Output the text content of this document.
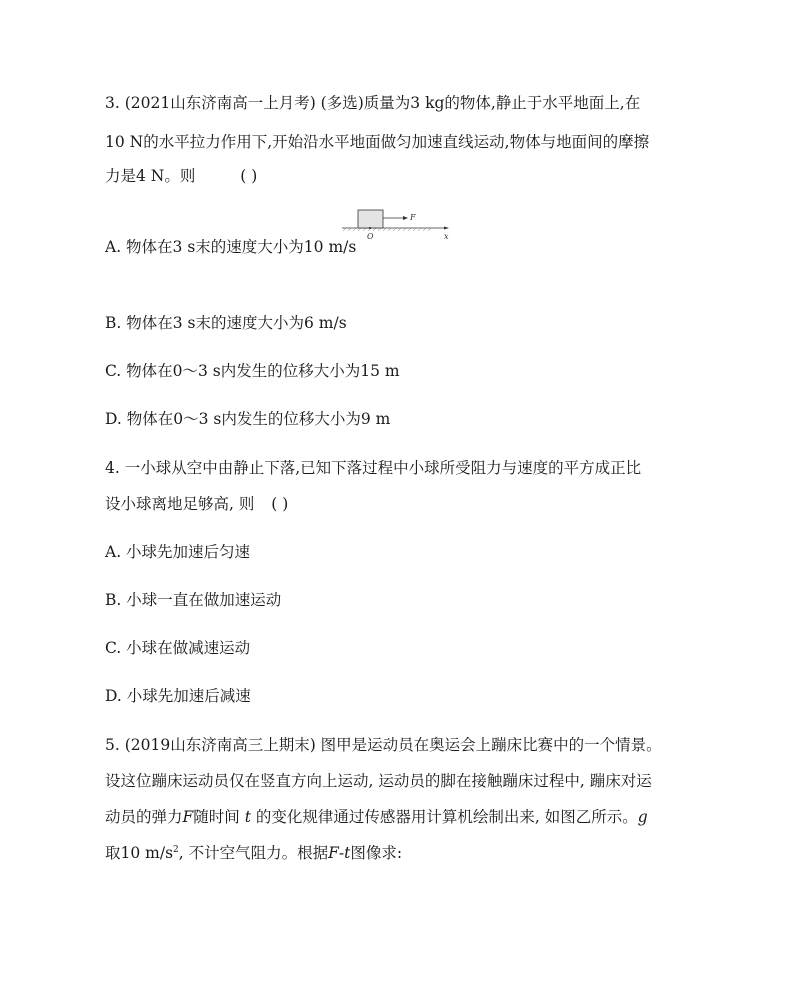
3. (2021山东济南高一上月考) (多选)质量为3 kg的物体,静止于水平地面上,在
10 N的水平拉力作用下,开始沿水平地面做匀加速直线运动,物体与地面间的摩擦
力是4 N。则	( )
F
O	x
A. 物体在3 s末的速度大小为10 m/s
B. 物体在3 s末的速度大小为6 m/s
C. 物体在0～3 s内发生的位移大小为15 m
D. 物体在0～3 s内发生的位移大小为9 m
4. 一小球从空中由静止下落,已知下落过程中小球所受阻力与速度的平方成正比
设小球离地足够高, 则 ( )
A. 小球先加速后匀速
B. 小球一直在做加速运动
C. 小球在做减速运动
D. 小球先加速后减速
5. (2019山东济南高三上期末) 图甲是运动员在奥运会上蹦床比赛中的一个情景。
设这位蹦床运动员仅在竖直方向上运动, 运动员的脚在接触蹦床过程中, 蹦床对运
动员的弹力F随时间 t 的变化规律通过传感器用计算机绘制出来, 如图乙所示。g
取10 $m/s^2$, 不计空气阻力。根据F-t图像求:
